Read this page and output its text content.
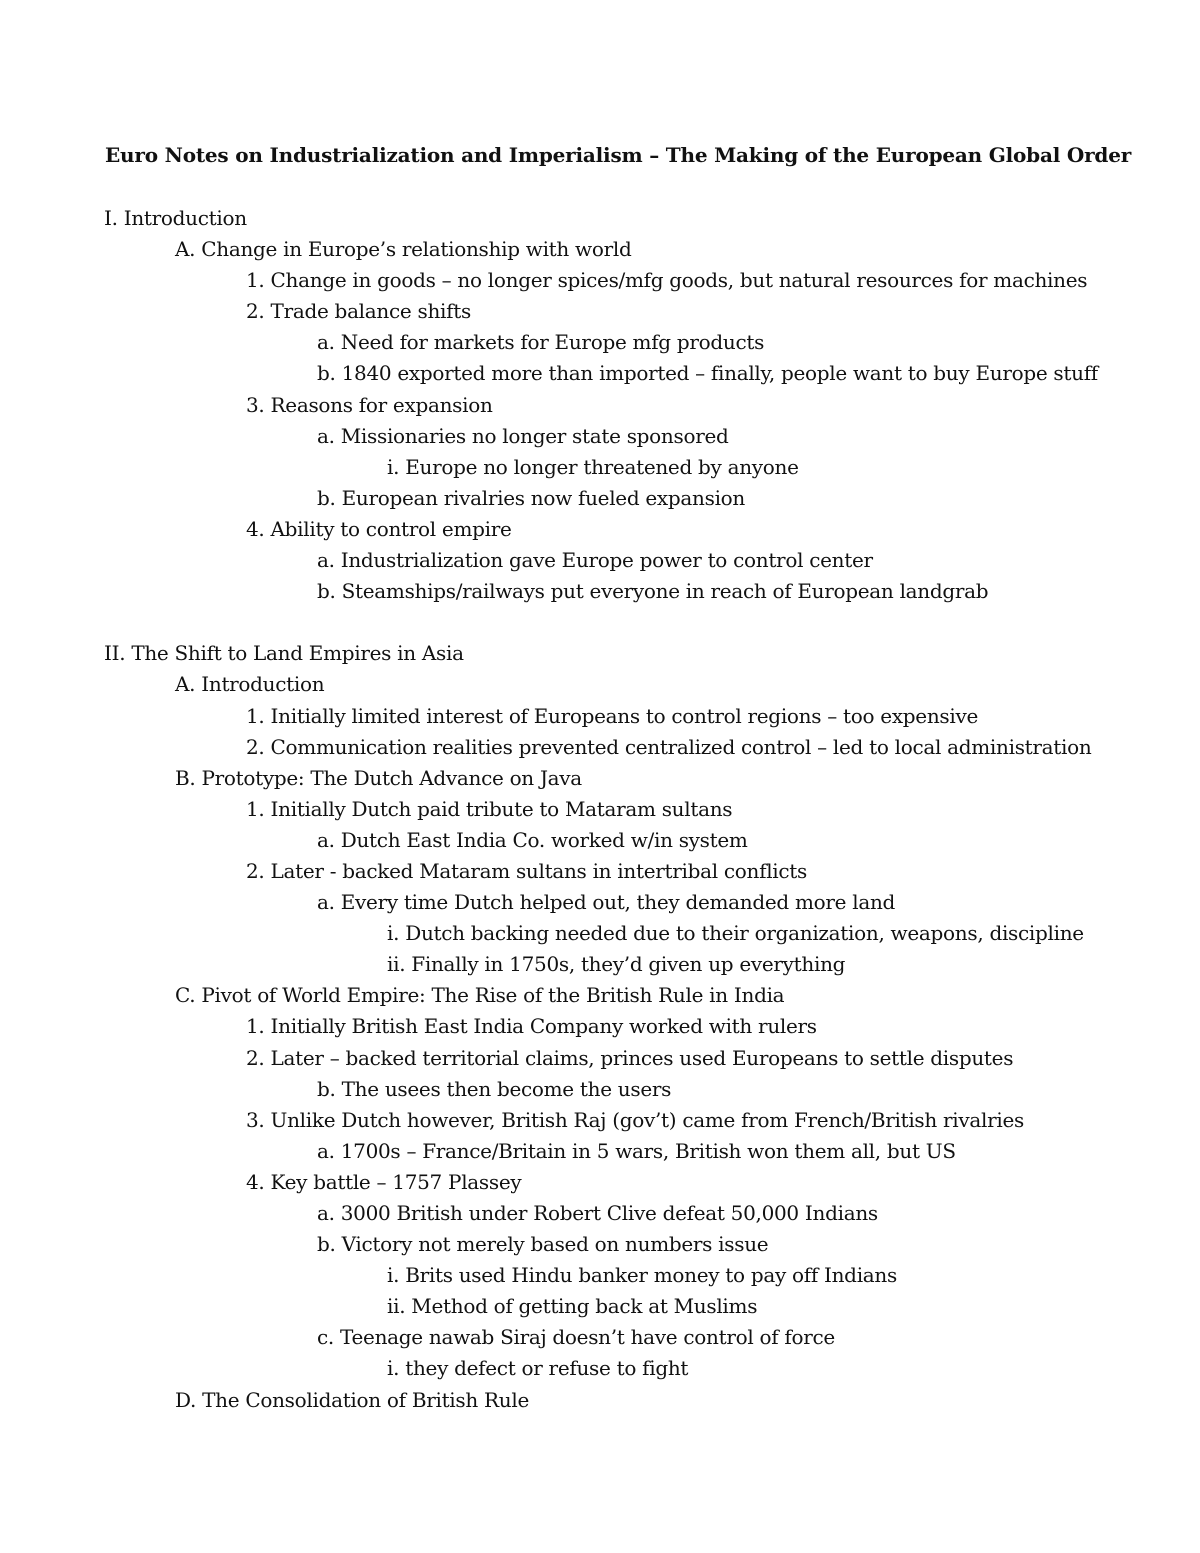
Euro Notes on Industrialization and Imperialism – The Making of the European Global Order
I. Introduction
A. Change in Europe’s relationship with world
1. Change in goods – no longer spices/mfg goods, but natural resources for machines
2. Trade balance shifts
a. Need for markets for Europe mfg products
b. 1840 exported more than imported – finally, people want to buy Europe stuff
3. Reasons for expansion
a. Missionaries no longer state sponsored
i. Europe no longer threatened by anyone
b. European rivalries now fueled expansion
4. Ability to control empire
a. Industrialization gave Europe power to control center
b. Steamships/railways put everyone in reach of European landgrab
II. The Shift to Land Empires in Asia
A. Introduction
1. Initially limited interest of Europeans to control regions – too expensive
2. Communication realities prevented centralized control – led to local administration
B. Prototype: The Dutch Advance on Java
1. Initially Dutch paid tribute to Mataram sultans
a. Dutch East India Co. worked w/in system
2. Later - backed Mataram sultans in intertribal conflicts
a. Every time Dutch helped out, they demanded more land
i. Dutch backing needed due to their organization, weapons, discipline
ii. Finally in 1750s, they’d given up everything
C. Pivot of World Empire: The Rise of the British Rule in India
1. Initially British East India Company worked with rulers
2. Later – backed territorial claims, princes used Europeans to settle disputes
b. The usees then become the users
3. Unlike Dutch however, British Raj (gov’t) came from French/British rivalries
a. 1700s – France/Britain in 5 wars, British won them all, but US
4. Key battle – 1757 Plassey
a. 3000 British under Robert Clive defeat 50,000 Indians
b. Victory not merely based on numbers issue
i. Brits used Hindu banker money to pay off Indians
ii. Method of getting back at Muslims
c. Teenage nawab Siraj doesn’t have control of force
i. they defect or refuse to fight
D. The Consolidation of British Rule
